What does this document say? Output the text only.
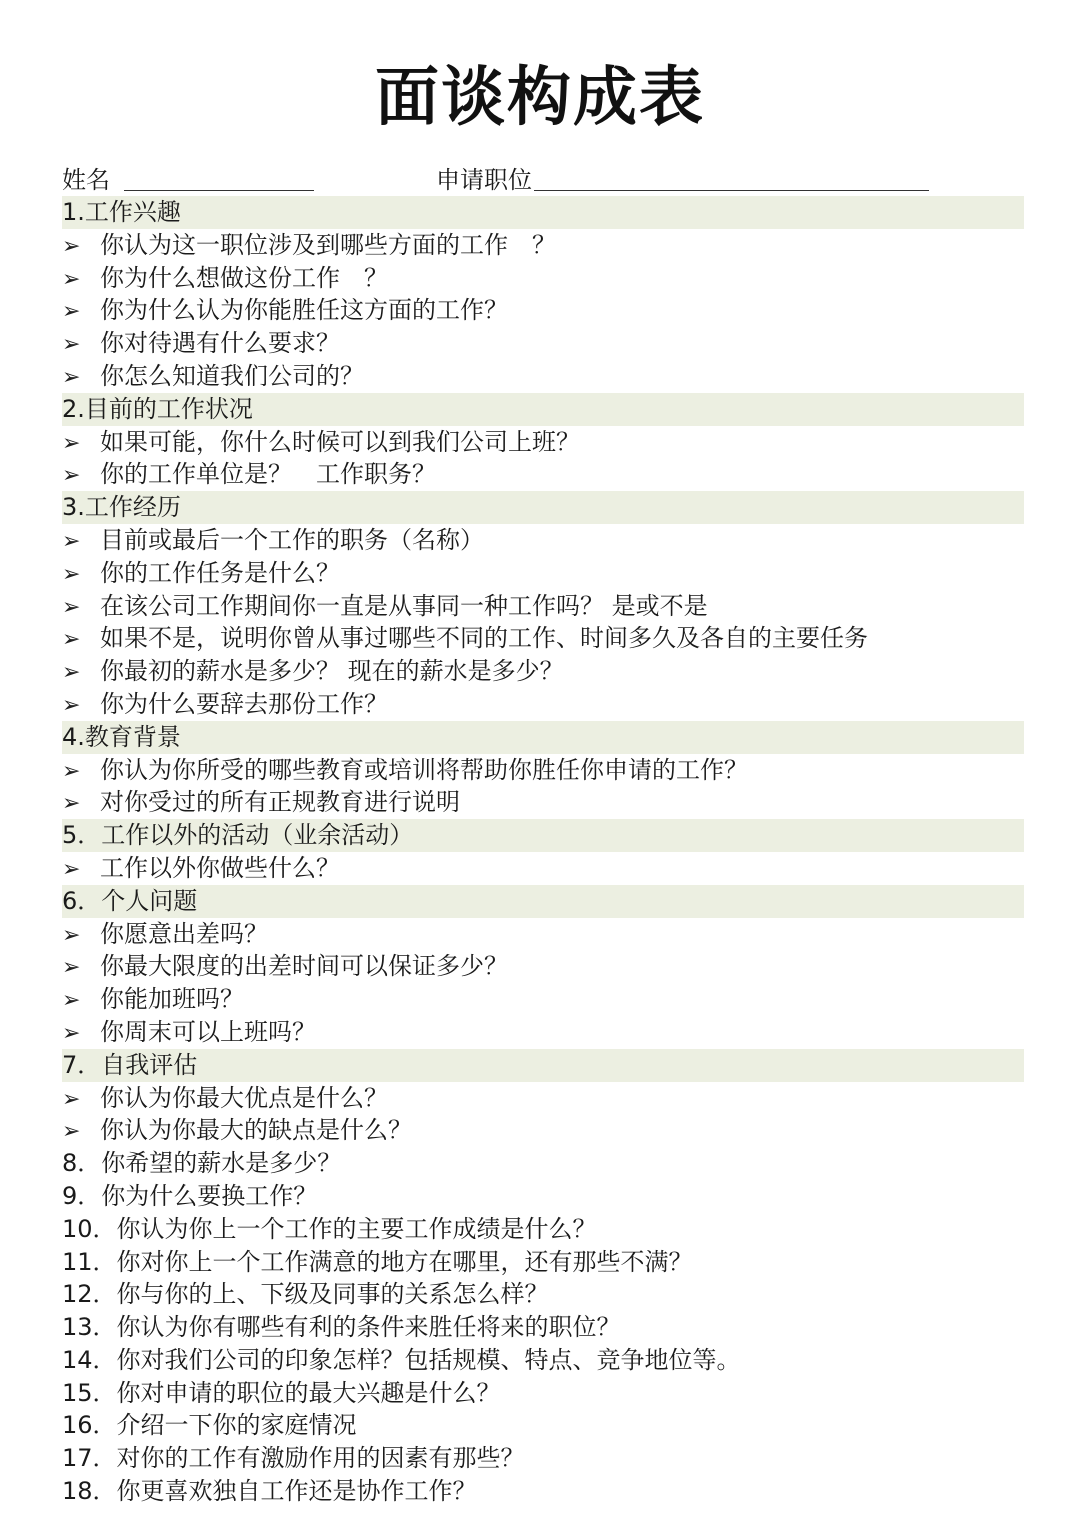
面谈构成表
姓名	申请职位
1.工作兴趣
➢ 你认为这一职位涉及到哪些方面的工作　？
➢ 你为什么想做这份工作　？
➢ 你为什么认为你能胜任这方面的工作？
➢ 你对待遇有什么要求？
➢ 你怎么知道我们公司的？
2.目前的工作状况
➢ 如果可能，你什么时候可以到我们公司上班？
➢ 你的工作单位是？　工作职务？
3.工作经历
➢ 目前或最后一个工作的职务（名称）
➢ 你的工作任务是什么？
➢ 在该公司工作期间你一直是从事同一种工作吗？ 是或不是
➢ 如果不是，说明你曾从事过哪些不同的工作、时间多久及各自的主要任务
➢ 你最初的薪水是多少？ 现在的薪水是多少？
➢ 你为什么要辞去那份工作？
4.教育背景
➢ 你认为你所受的哪些教育或培训将帮助你胜任你申请的工作？
➢ 对你受过的所有正规教育进行说明
5．工作以外的活动（业余活动）
➢ 工作以外你做些什么？
6．个人问题
➢ 你愿意出差吗？
➢ 你最大限度的出差时间可以保证多少？
➢ 你能加班吗？
➢ 你周末可以上班吗？
7．自我评估
➢ 你认为你最大优点是什么？
➢ 你认为你最大的缺点是什么？
8．你希望的薪水是多少？
9．你为什么要换工作？
10．你认为你上一个工作的主要工作成绩是什么？
11．你对你上一个工作满意的地方在哪里，还有那些不满？
12．你与你的上、下级及同事的关系怎么样？
13．你认为你有哪些有利的条件来胜任将来的职位？
14．你对我们公司的印象怎样？包括规模、特点、竞争地位等。
15．你对申请的职位的最大兴趣是什么？
16．介绍一下你的家庭情况
17．对你的工作有激励作用的因素有那些？
18．你更喜欢独自工作还是协作工作？
